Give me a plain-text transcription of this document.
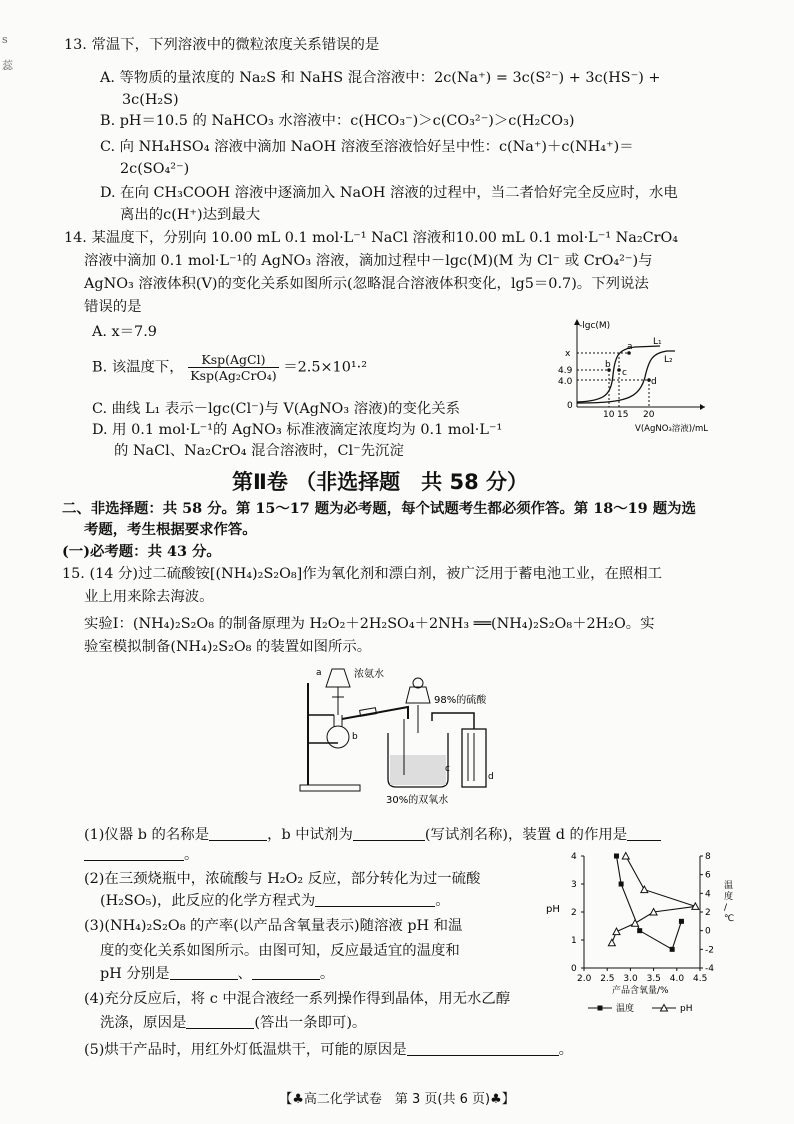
s
蕊
13. 常温下，下列溶液中的微粒浓度关系错误的是
A. 等物质的量浓度的 Na₂S 和 NaHS 混合溶液中：2c(Na⁺) = 3c(S²⁻) + 3c(HS⁻) +
3c(H₂S)
B. pH＝10.5 的 NaHCO₃ 水溶液中：c(HCO₃⁻)＞c(CO₃²⁻)＞c(H₂CO₃)
C. 向 NH₄HSO₄ 溶液中滴加 NaOH 溶液至溶液恰好呈中性：c(Na⁺)＋c(NH₄⁺)＝
2c(SO₄²⁻)
D. 在向 CH₃COOH 溶液中逐滴加入 NaOH 溶液的过程中，当二者恰好完全反应时，水电
离出的c(H⁺)达到最大
14. 某温度下，分别向 10.00 mL 0.1 mol·L⁻¹ NaCl 溶液和10.00 mL 0.1 mol·L⁻¹ Na₂CrO₄
溶液中滴加 0.1 mol·L⁻¹的 AgNO₃ 溶液，滴加过程中－lgc(M)(M 为 Cl⁻ 或 CrO₄²⁻)与
AgNO₃ 溶液体积(V)的变化关系如图所示(忽略混合溶液体积变化，lg5＝0.7)。下列说法
错误的是
A. x＝7.9
B. 该温度下， $\frac{\text{Ksp(AgCl)}}{\text{Ksp(Ag₂CrO₄)}} =2.5\times 10^1\cdot^2$
C. 曲线 L₁ 表示－lgc(Cl⁻)与 V(AgNO₃ 溶液)的变化关系
D. 用 0.1 mol·L⁻¹的 AgNO₃ 标准液滴定浓度均为 0.1 mol·L⁻¹
的 NaCl、Na₂CrO₄ 混合溶液时，Cl⁻先沉淀
-lgc(M)
x
4.9
4.0
0
a
b
c
d
L₁
L₂
10 15 20
V(AgNO₃溶液)/mL
第Ⅱ卷 （非选择题　共 58 分）
二、非选择题：共 58 分。第 15～17 题为必考题，每个试题考生都必须作答。第 18～19 题为选
考题，考生根据要求作答。
(一)必考题：共 43 分。
15. (14 分)过二硫酸铵[(NH₄)₂S₂O₈]作为氧化剂和漂白剂，被广泛用于蓄电池工业，在照相工
业上用来除去海波。
实验Ⅰ：(NH₄)₂S₂O₈ 的制备原理为 H₂O₂＋2H₂SO₄＋2NH₃ ══(NH₄)₂S₂O₈＋2H₂O。实
验室模拟制备(NH₄)₂S₂O₈ 的装置如图所示。
a	浓氨水
b
98%的硫酸
c
d
30%的双氧水
(1)仪器 b 的名称是	，b 中试剂为	(写试剂名称)，装置 d 的作用是
。
(2)在三颈烧瓶中，浓硫酸与 H₂O₂ 反应，部分转化为过一硫酸
(H₂SO₅)，此反应的化学方程式为	。
(3)(NH₄)₂S₂O₈ 的产率(以产品含氧量表示)随溶液 pH 和温
度的变化关系如图所示。由图可知，反应最适宜的温度和
pH 分别是	、	。
(4)充分反应后，将 c 中混合液经一系列操作得到晶体，用无水乙醇
洗涤，原因是	(答出一条即可)。
(5)烘干产品时，用红外灯低温烘干，可能的原因是	。
0
1
2
3
4
-4
-2
0
2
4
6
8
2.0 2.5 3.0 3.5 4.0 4.5
pH
温
度
/
℃
产品含氧量/%
温度	pH
【♣高二化学试卷　第 3 页(共 6 页)♣】
